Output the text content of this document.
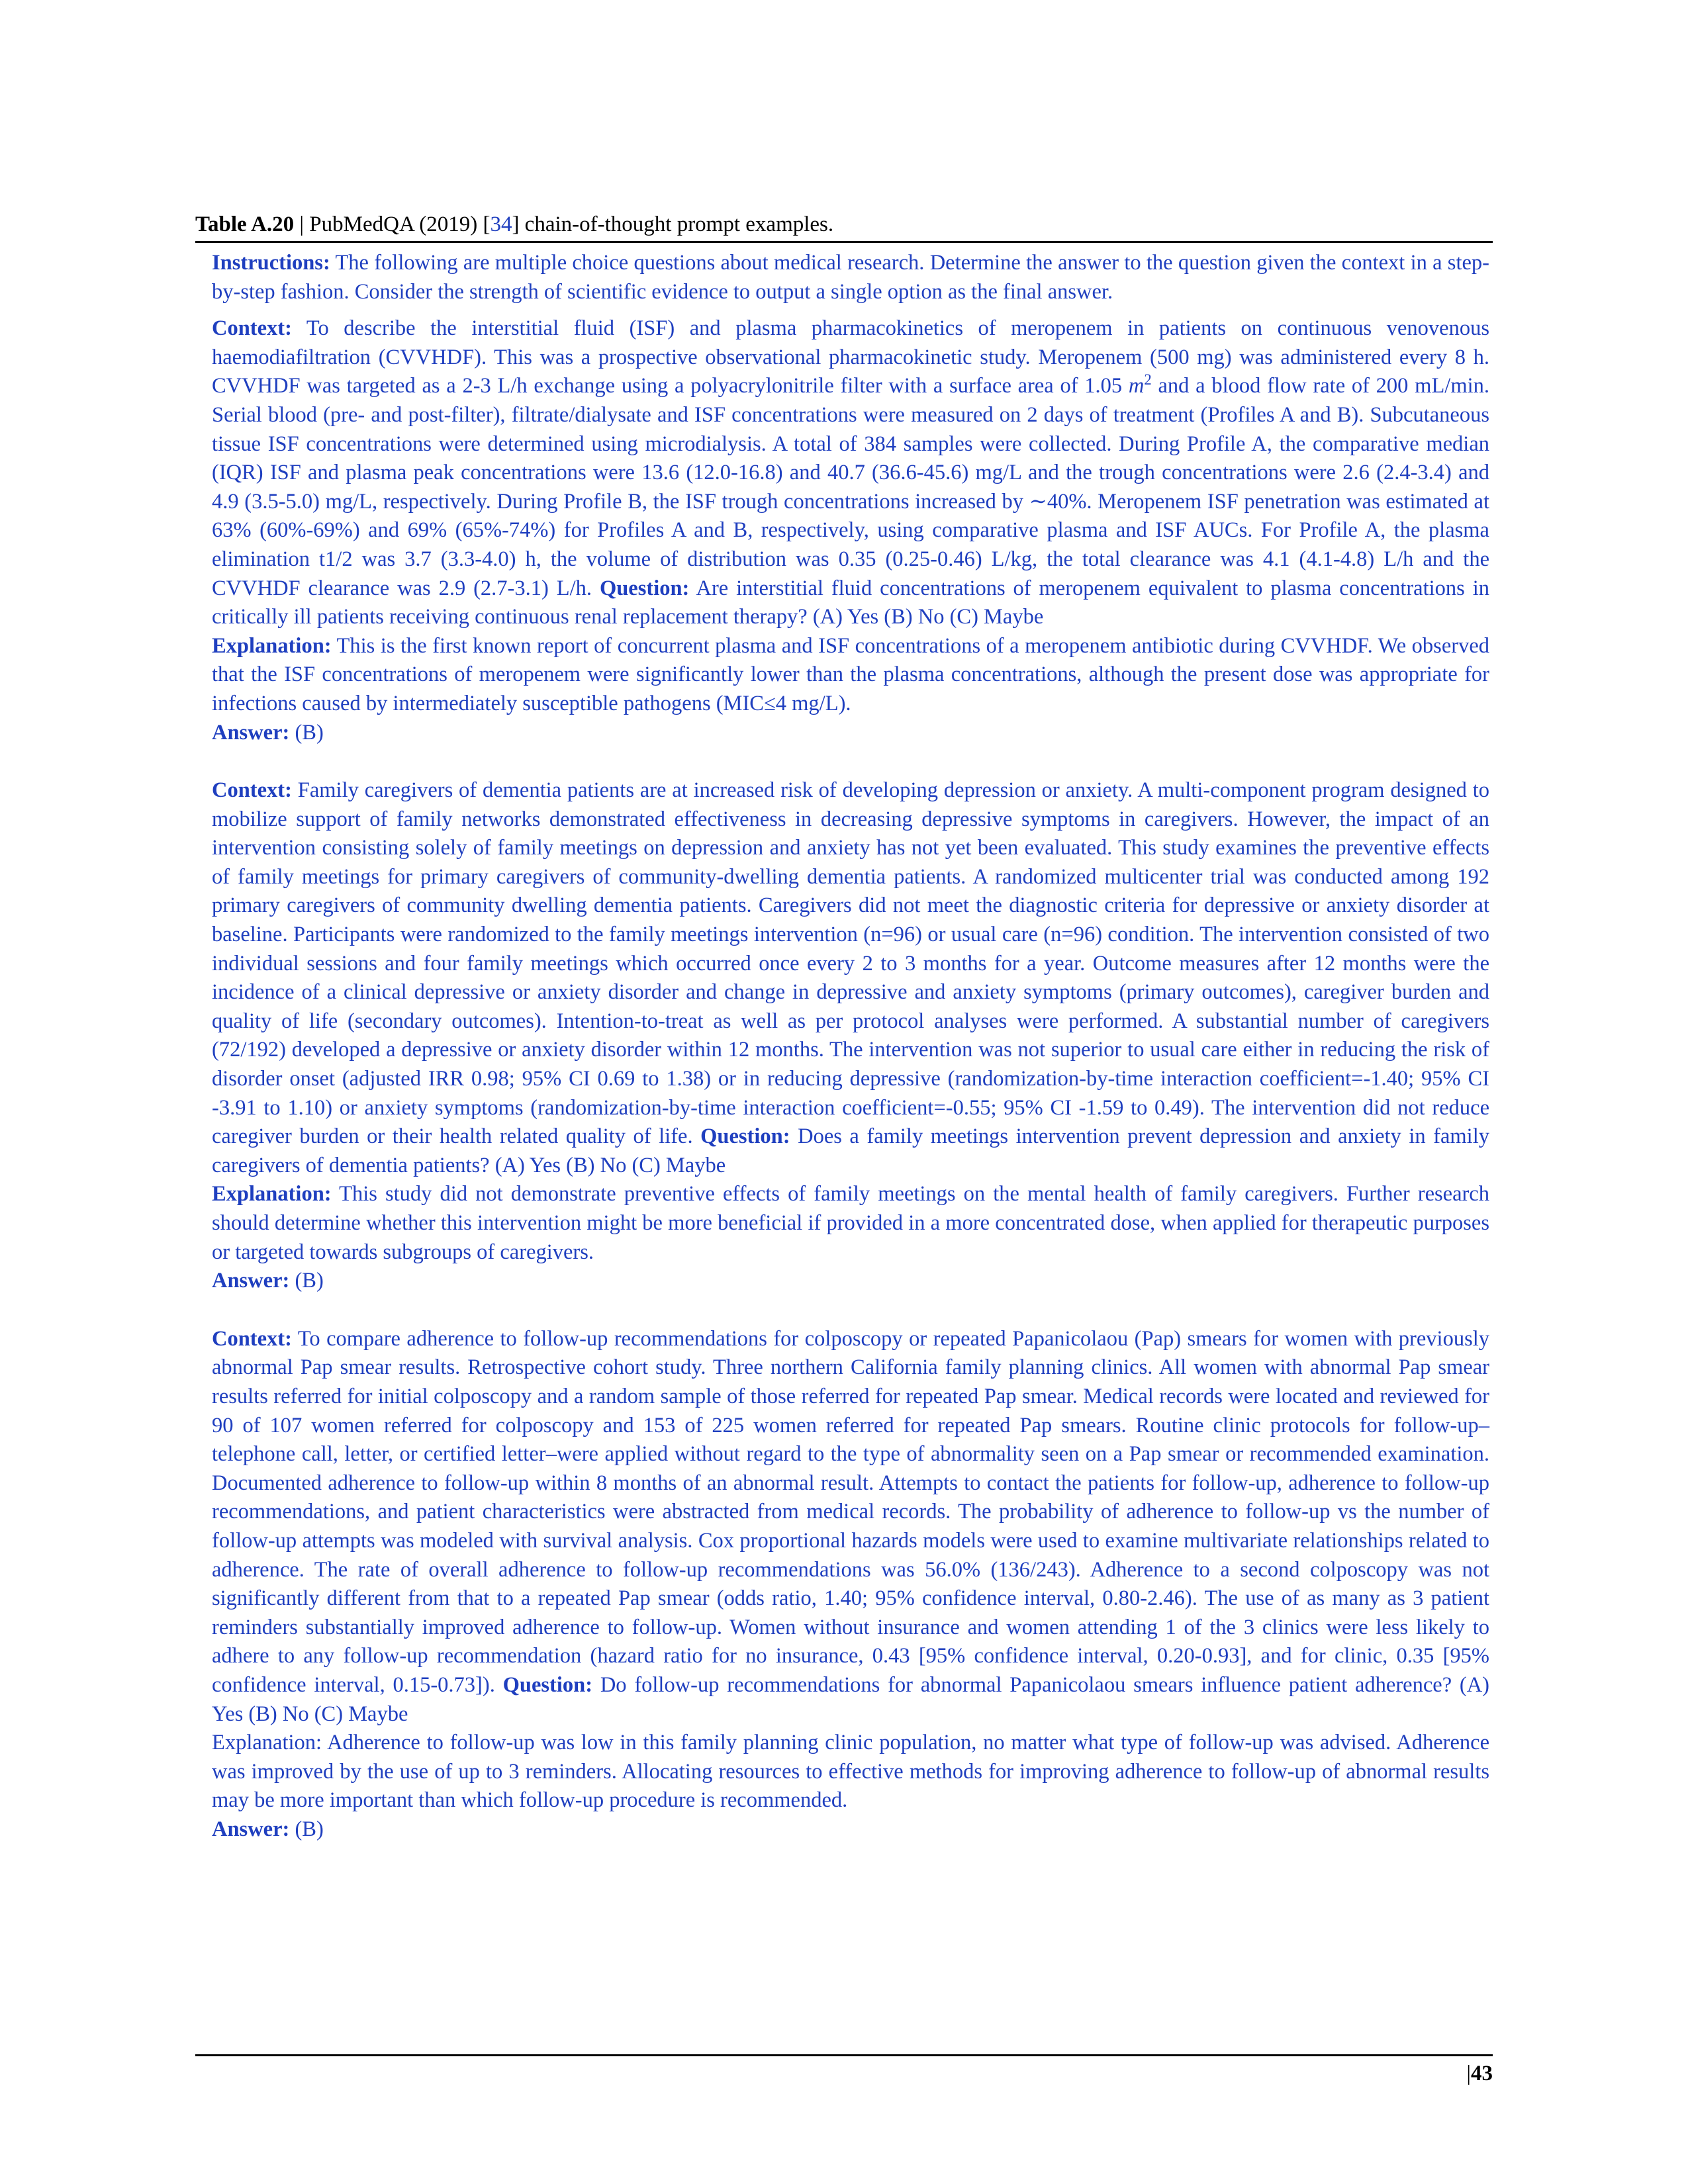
Table A.20 | PubMedQA (2019) [34] chain-of-thought prompt examples.

Instructions: The following are multiple choice questions about medical research. Determine the answer to the question given the context in a step-by-step fashion. Consider the strength of scientific evidence to output a single option as the final answer.

Context: To describe the interstitial fluid (ISF) and plasma pharmacokinetics of meropenem in patients on continuous venovenous haemodiafiltration (CVVHDF). This was a prospective observational pharmacokinetic study. Meropenem (500 mg) was administered every 8 h. CVVHDF was targeted as a 2-3 L/h exchange using a polyacrylonitrile filter with a surface area of 1.05 $m^2$ and a blood flow rate of 200 mL/min. Serial blood (pre- and post-filter), filtrate/dialysate and ISF concentrations were measured on 2 days of treatment (Profiles A and B). Subcutaneous tissue ISF concentrations were determined using microdialysis. A total of 384 samples were collected. During Profile A, the comparative median (IQR) ISF and plasma peak concentrations were 13.6 (12.0-16.8) and 40.7 (36.6-45.6) mg/L and the trough concentrations were 2.6 (2.4-3.4) and 4.9 (3.5-5.0) mg/L, respectively. During Profile B, the ISF trough concentrations increased by ∼40%. Meropenem ISF penetration was estimated at 63% (60%-69%) and 69% (65%-74%) for Profiles A and B, respectively, using comparative plasma and ISF AUCs. For Profile A, the plasma elimination t1/2 was 3.7 (3.3-4.0) h, the volume of distribution was 0.35 (0.25-0.46) L/kg, the total clearance was 4.1 (4.1-4.8) L/h and the CVVHDF clearance was 2.9 (2.7-3.1) L/h. Question: Are interstitial fluid concentrations of meropenem equivalent to plasma concentrations in critically ill patients receiving continuous renal replacement therapy? (A) Yes (B) No (C) Maybe

Explanation: This is the first known report of concurrent plasma and ISF concentrations of a meropenem antibiotic during CVVHDF. We observed that the ISF concentrations of meropenem were significantly lower than the plasma concentrations, although the present dose was appropriate for infections caused by intermediately susceptible pathogens (MIC≤4 mg/L).

Answer: (B)

Context: Family caregivers of dementia patients are at increased risk of developing depression or anxiety. A multi-component program designed to mobilize support of family networks demonstrated effectiveness in decreasing depressive symptoms in caregivers. However, the impact of an intervention consisting solely of family meetings on depression and anxiety has not yet been evaluated. This study examines the preventive effects of family meetings for primary caregivers of community-dwelling dementia patients. A randomized multicenter trial was conducted among 192 primary caregivers of community dwelling dementia patients. Caregivers did not meet the diagnostic criteria for depressive or anxiety disorder at baseline. Participants were randomized to the family meetings intervention (n=96) or usual care (n=96) condition. The intervention consisted of two individual sessions and four family meetings which occurred once every 2 to 3 months for a year. Outcome measures after 12 months were the incidence of a clinical depressive or anxiety disorder and change in depressive and anxiety symptoms (primary outcomes), caregiver burden and quality of life (secondary outcomes). Intention-to-treat as well as per protocol analyses were performed. A substantial number of caregivers (72/192) developed a depressive or anxiety disorder within 12 months. The intervention was not superior to usual care either in reducing the risk of disorder onset (adjusted IRR 0.98; 95% CI 0.69 to 1.38) or in reducing depressive (randomization-by-time interaction coefficient=-1.40; 95% CI -3.91 to 1.10) or anxiety symptoms (randomization-by-time interaction coefficient=-0.55; 95% CI -1.59 to 0.49). The intervention did not reduce caregiver burden or their health related quality of life. Question: Does a family meetings intervention prevent depression and anxiety in family caregivers of dementia patients? (A) Yes (B) No (C) Maybe

Explanation: This study did not demonstrate preventive effects of family meetings on the mental health of family caregivers. Further research should determine whether this intervention might be more beneficial if provided in a more concentrated dose, when applied for therapeutic purposes or targeted towards subgroups of caregivers.

Answer: (B)

Context: To compare adherence to follow-up recommendations for colposcopy or repeated Papanicolaou (Pap) smears for women with previously abnormal Pap smear results. Retrospective cohort study. Three northern California family planning clinics. All women with abnormal Pap smear results referred for initial colposcopy and a random sample of those referred for repeated Pap smear. Medical records were located and reviewed for 90 of 107 women referred for colposcopy and 153 of 225 women referred for repeated Pap smears. Routine clinic protocols for follow-up–telephone call, letter, or certified letter–were applied without regard to the type of abnormality seen on a Pap smear or recommended examination. Documented adherence to follow-up within 8 months of an abnormal result. Attempts to contact the patients for follow-up, adherence to follow-up recommendations, and patient characteristics were abstracted from medical records. The probability of adherence to follow-up vs the number of follow-up attempts was modeled with survival analysis. Cox proportional hazards models were used to examine multivariate relationships related to adherence. The rate of overall adherence to follow-up recommendations was 56.0% (136/243). Adherence to a second colposcopy was not significantly different from that to a repeated Pap smear (odds ratio, 1.40; 95% confidence interval, 0.80-2.46). The use of as many as 3 patient reminders substantially improved adherence to follow-up. Women without insurance and women attending 1 of the 3 clinics were less likely to adhere to any follow-up recommendation (hazard ratio for no insurance, 0.43 [95% confidence interval, 0.20-0.93], and for clinic, 0.35 [95% confidence interval, 0.15-0.73]). Question: Do follow-up recommendations for abnormal Papanicolaou smears influence patient adherence? (A) Yes (B) No (C) Maybe

Explanation: Adherence to follow-up was low in this family planning clinic population, no matter what type of follow-up was advised. Adherence was improved by the use of up to 3 reminders. Allocating resources to effective methods for improving adherence to follow-up of abnormal results may be more important than which follow-up procedure is recommended.

Answer: (B)

|43
